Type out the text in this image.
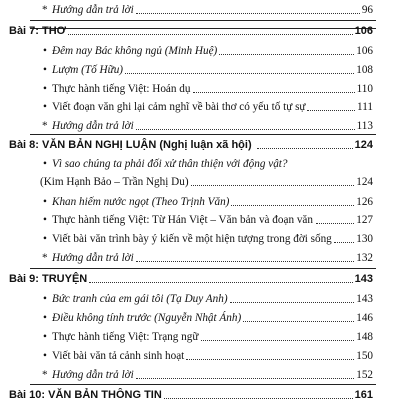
* Hướng dẫn trả lời	96
Bài 7: THƠ	106
• Đêm nay Bác không ngủ (Minh Huệ)	106
• Lượm (Tố Hữu)	108
• Thực hành tiếng Việt: Hoán dụ	110
• Viết đoạn văn ghi lại cảm nghĩ về bài thơ có yếu tố tự sự	111
* Hướng dẫn trả lời	113
Bài 8: VĂN BẢN NGHỊ LUẬN (Nghị luận xã hội)	124
• Vì sao chúng ta phải đối xử thân thiện với động vật?
(Kim Hạnh Bảo – Trần Nghị Du)	124
• Khan hiếm nước ngọt (Theo Trịnh Văn)	126
• Thực hành tiếng Việt: Từ Hán Việt – Văn bản và đoạn văn	127
• Viết bài văn trình bày ý kiến về một hiện tượng trong đời sống 130
* Hướng dẫn trả lời	132
Bài 9: TRUYỆN	143
• Bức tranh của em gái tôi (Tạ Duy Anh)	143
• Điều không tính trước (Nguyễn Nhật Ánh)	146
• Thực hành tiếng Việt: Trạng ngữ	148
• Viết bài văn tả cảnh sinh hoạt	150
* Hướng dẫn trả lời	152
Bài 10: VĂN BẢN THÔNG TIN	161
